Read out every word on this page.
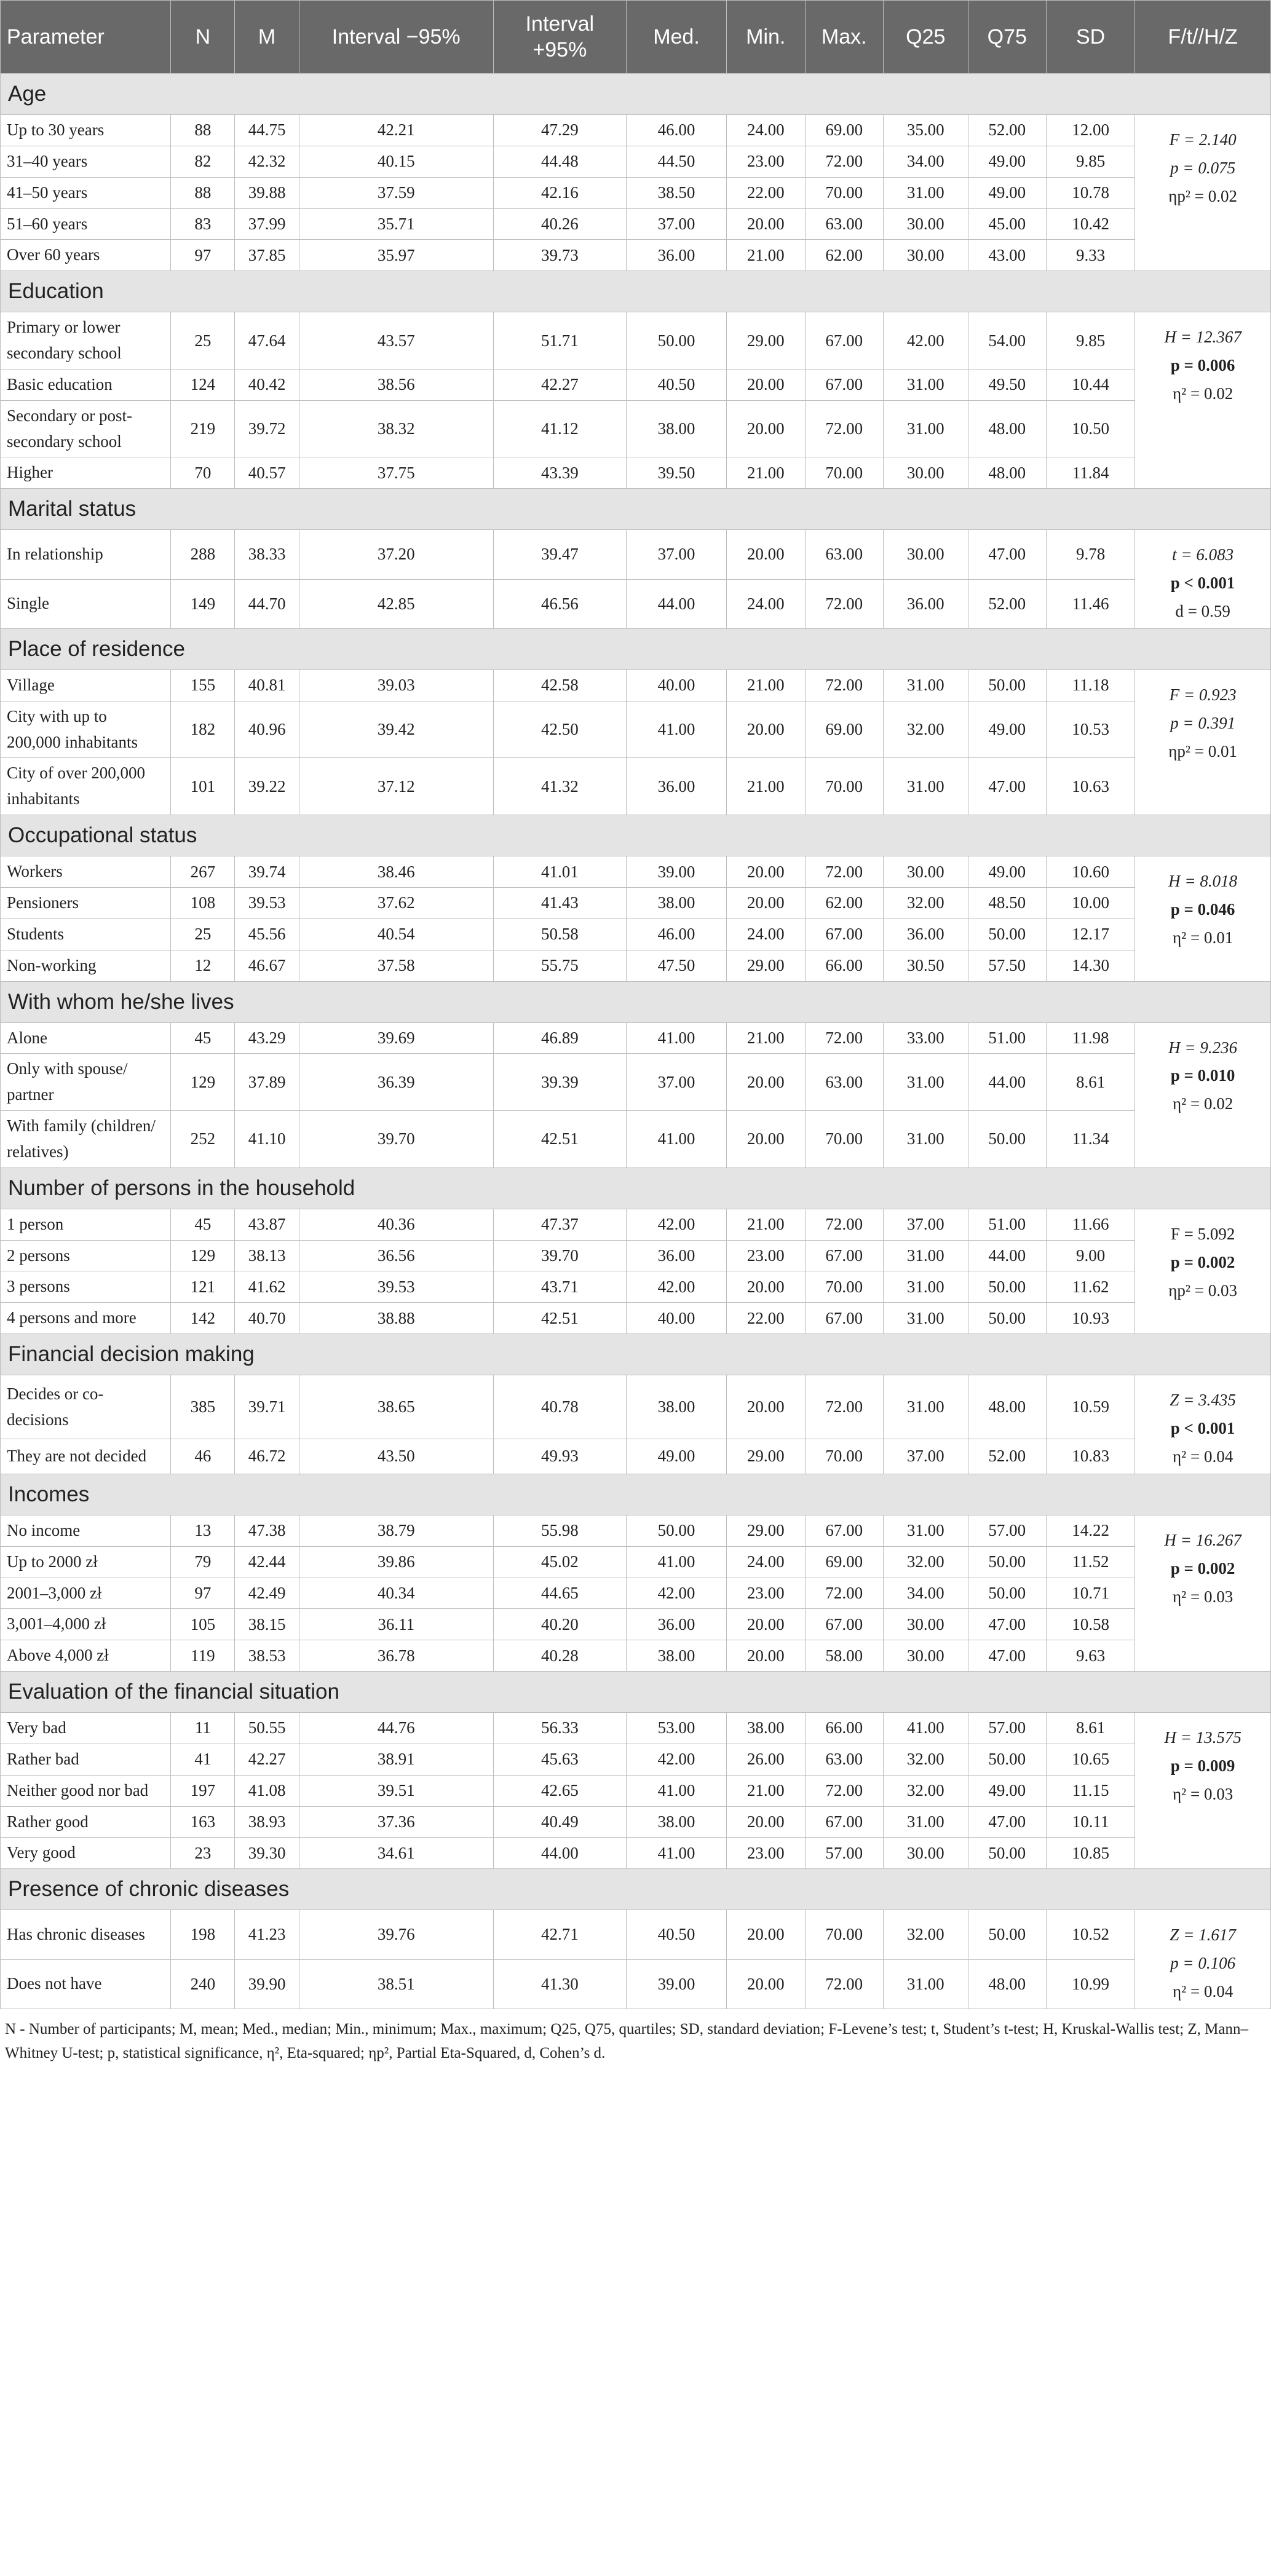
Parameter	N	M	Interval −95%	Interval +95%	Med.	Min.	Max.	Q25	Q75	SD	F/t//H/Z
Age											
Up to 30 years	88	44.75	42.21	47.29	46.00	24.00	69.00	35.00	52.00	12.00	F = 2.140
p = 0.075
ηp² = 0.02

31–40 years	82	42.32	40.15	44.48	44.50	23.00	72.00	34.00	49.00	9.85	
41–50 years	88	39.88	37.59	42.16	38.50	22.00	70.00	31.00	49.00	10.78	
51–60 years	83	37.99	35.71	40.26	37.00	20.00	63.00	30.00	45.00	10.42	
Over 60 years	97	37.85	35.97	39.73	36.00	21.00	62.00	30.00	43.00	9.33	
Education											
Primary or lower secondary school	25	47.64	43.57	51.71	50.00	29.00	67.00	42.00	54.00	9.85	H = 12.367
p = 0.006
η² = 0.02

Basic education	124	40.42	38.56	42.27	40.50	20.00	67.00	31.00	49.50	10.44	
Secondary or post-secondary school	219	39.72	38.32	41.12	38.00	20.00	72.00	31.00	48.00	10.50	
Higher	70	40.57	37.75	43.39	39.50	21.00	70.00	30.00	48.00	11.84	
Marital status											
In relationship	288	38.33	37.20	39.47	37.00	20.00	63.00	30.00	47.00	9.78	t = 6.083
p < 0.001
d = 0.59

Single	149	44.70	42.85	46.56	44.00	24.00	72.00	36.00	52.00	11.46	
Place of residence											
Village	155	40.81	39.03	42.58	40.00	21.00	72.00	31.00	50.00	11.18	F = 0.923
p = 0.391
ηp² = 0.01

City with up to 200,000 inhabitants	182	40.96	39.42	42.50	41.00	20.00	69.00	32.00	49.00	10.53	
City of over 200,000 inhabitants	101	39.22	37.12	41.32	36.00	21.00	70.00	31.00	47.00	10.63	
Occupational status											
Workers	267	39.74	38.46	41.01	39.00	20.00	72.00	30.00	49.00	10.60	H = 8.018
p = 0.046
η² = 0.01

Pensioners	108	39.53	37.62	41.43	38.00	20.00	62.00	32.00	48.50	10.00	
Students	25	45.56	40.54	50.58	46.00	24.00	67.00	36.00	50.00	12.17	
Non-working	12	46.67	37.58	55.75	47.50	29.00	66.00	30.50	57.50	14.30	
With whom he/she lives											
Alone	45	43.29	39.69	46.89	41.00	21.00	72.00	33.00	51.00	11.98	H = 9.236
p = 0.010
η² = 0.02

Only with spouse/ partner	129	37.89	36.39	39.39	37.00	20.00	63.00	31.00	44.00	8.61	
With family (children/ relatives)	252	41.10	39.70	42.51	41.00	20.00	70.00	31.00	50.00	11.34	
Number of persons in the household											
1 person	45	43.87	40.36	47.37	42.00	21.00	72.00	37.00	51.00	11.66	F = 5.092
p = 0.002
ηp² = 0.03

2 persons	129	38.13	36.56	39.70	36.00	23.00	67.00	31.00	44.00	9.00	
3 persons	121	41.62	39.53	43.71	42.00	20.00	70.00	31.00	50.00	11.62	
4 persons and more	142	40.70	38.88	42.51	40.00	22.00	67.00	31.00	50.00	10.93	
Financial decision making											
Decides or co-decisions	385	39.71	38.65	40.78	38.00	20.00	72.00	31.00	48.00	10.59	Z = 3.435
p < 0.001
η² = 0.04

They are not decided	46	46.72	43.50	49.93	49.00	29.00	70.00	37.00	52.00	10.83	
Incomes											
No income	13	47.38	38.79	55.98	50.00	29.00	67.00	31.00	57.00	14.22	H = 16.267
p = 0.002
η² = 0.03

Up to 2000 zł	79	42.44	39.86	45.02	41.00	24.00	69.00	32.00	50.00	11.52	
2001–3,000 zł	97	42.49	40.34	44.65	42.00	23.00	72.00	34.00	50.00	10.71	
3,001–4,000 zł	105	38.15	36.11	40.20	36.00	20.00	67.00	30.00	47.00	10.58	
Above 4,000 zł	119	38.53	36.78	40.28	38.00	20.00	58.00	30.00	47.00	9.63	
Evaluation of the financial situation											
Very bad	11	50.55	44.76	56.33	53.00	38.00	66.00	41.00	57.00	8.61	H = 13.575
p = 0.009
η² = 0.03

Rather bad	41	42.27	38.91	45.63	42.00	26.00	63.00	32.00	50.00	10.65	
Neither good nor bad	197	41.08	39.51	42.65	41.00	21.00	72.00	32.00	49.00	11.15	
Rather good	163	38.93	37.36	40.49	38.00	20.00	67.00	31.00	47.00	10.11	
Very good	23	39.30	34.61	44.00	41.00	23.00	57.00	30.00	50.00	10.85	
Presence of chronic diseases											
Has chronic diseases	198	41.23	39.76	42.71	40.50	20.00	70.00	32.00	50.00	10.52	Z = 1.617
p = 0.106
η² = 0.04

Does not have	240	39.90	38.51	41.30	39.00	20.00	72.00	31.00	48.00	10.99	
N - Number of participants; M, mean; Med., median; Min., minimum; Max., maximum; Q25, Q75, quartiles; SD, standard deviation; F-Levene’s test; t, Student’s t-test; H, Kruskal-Wallis test; Z, Mann–Whitney U-test; p, statistical significance, η², Eta-squared; ηp², Partial Eta-Squared, d, Cohen’s d.
